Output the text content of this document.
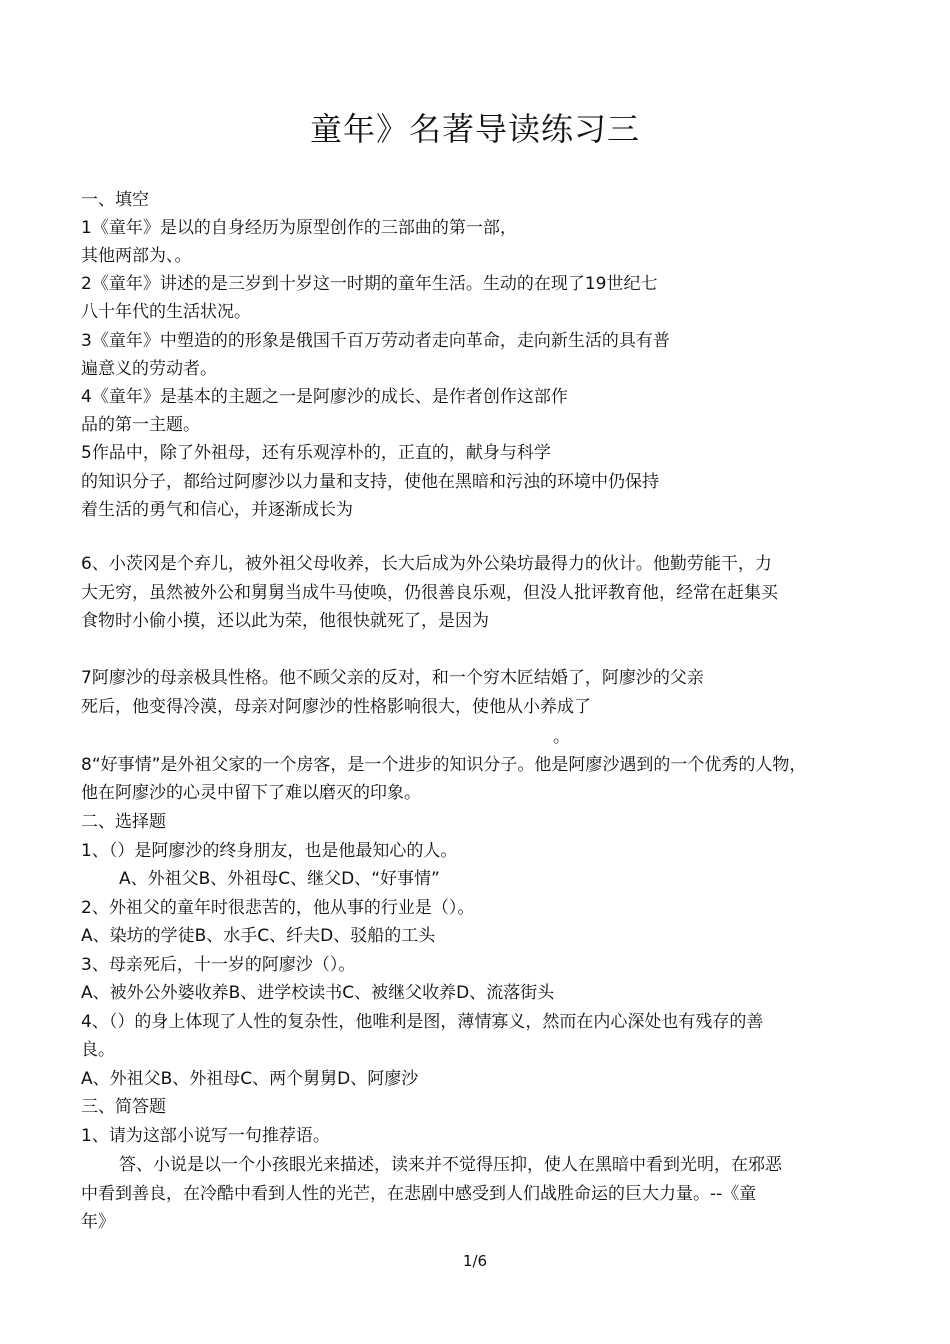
童年》名著导读练习三
一、填空
1《童年》是以的自身经历为原型创作的三部曲的第一部，
其他两部为、。
2《童年》讲述的是三岁到十岁这一时期的童年生活。生动的在现了19世纪七
八十年代的生活状况。
3《童年》中塑造的的形象是俄国千百万劳动者走向革命，走向新生活的具有普
遍意义的劳动者。
4《童年》是基本的主题之一是阿廖沙的成长、是作者创作这部作
品的第一主题。
5作品中，除了外祖母，还有乐观淳朴的，正直的，献身与科学
的知识分子，都给过阿廖沙以力量和支持，使他在黑暗和污浊的环境中仍保持
着生活的勇气和信心，并逐渐成长为
6、小茨冈是个弃儿，被外祖父母收养，长大后成为外公染坊最得力的伙计。他勤劳能干，力
大无穷，虽然被外公和舅舅当成牛马使唤，仍很善良乐观，但没人批评教育他，经常在赶集买
食物时小偷小摸，还以此为荣，他很快就死了，是因为
7阿廖沙的母亲极具性格。他不顾父亲的反对，和一个穷木匠结婚了，阿廖沙的父亲
死后，他变得冷漠，母亲对阿廖沙的性格影响很大，使他从小养成了
。
8“好事情”是外祖父家的一个房客，是一个进步的知识分子。他是阿廖沙遇到的一个优秀的人物，
他在阿廖沙的心灵中留下了难以磨灭的印象。
二、选择题
1、（）是阿廖沙的终身朋友，也是他最知心的人。
A、外祖父B、外祖母C、继父D、“好事情”
2、外祖父的童年时很悲苦的，他从事的行业是（）。
A、染坊的学徒B、水手C、纤夫D、驳船的工头
3、母亲死后，十一岁的阿廖沙（）。
A、被外公外婆收养B、进学校读书C、被继父收养D、流落街头
4、（）的身上体现了人性的复杂性，他唯利是图，薄情寡义，然而在内心深处也有残存的善
良。
A、外祖父B、外祖母C、两个舅舅D、阿廖沙
三、简答题
1、请为这部小说写一句推荐语。
答、小说是以一个小孩眼光来描述，读来并不觉得压抑，使人在黑暗中看到光明，在邪恶
中看到善良，在冷酷中看到人性的光芒，在悲剧中感受到人们战胜命运的巨大力量。--《童
年》
1/6
